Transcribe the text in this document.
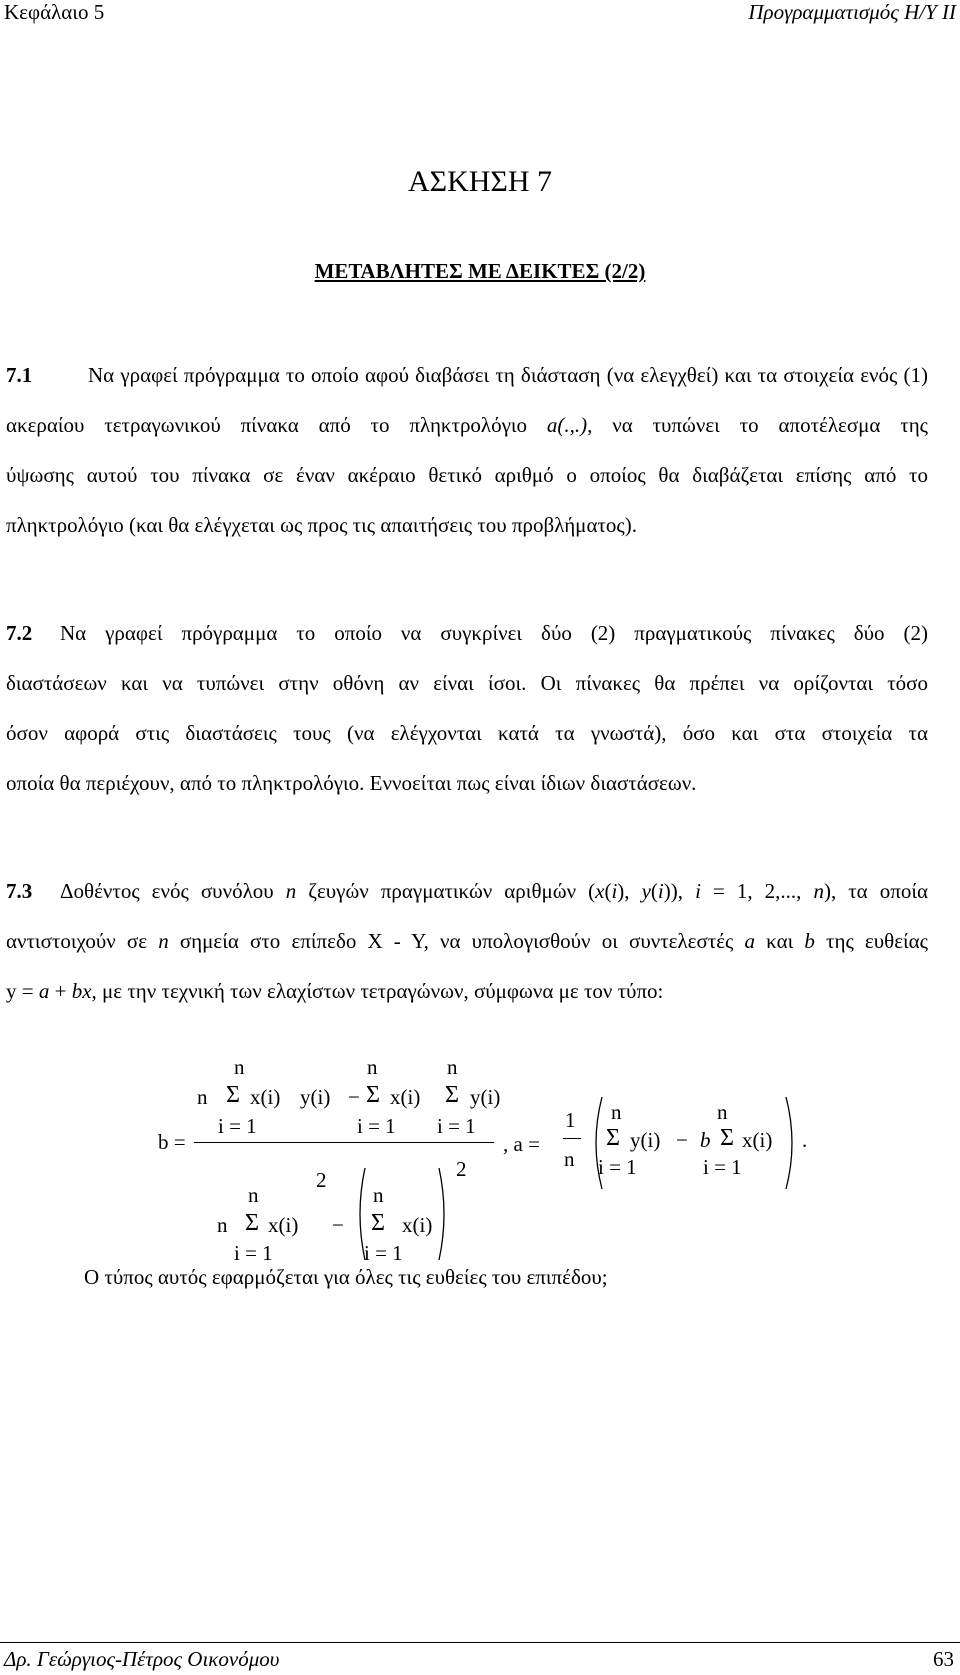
Κεφάλαιο 5	Προγραμματισμός Η/Υ ΙΙ
ΑΣΚΗΣΗ 7
ΜΕΤΑΒΛΗΤΕΣ ΜΕ ΔΕΙΚΤΕΣ (2/2)
7.1	Να γραφεί πρόγραμμα το οποίο αφού διαβάσει τη διάσταση (να ελεγχθεί) και τα στοιχεία ενός (1)
ακεραίου τετραγωνικού πίνακα από το πληκτρολόγιο a(.,.), να τυπώνει το αποτέλεσμα της
ύψωσης αυτού του πίνακα σε έναν ακέραιο θετικό αριθμό ο οποίος θα διαβάζεται επίσης από το
πληκτρολόγιο (και θα ελέγχεται ως προς τις απαιτήσεις του προβλήματος).
7.2 Να γραφεί πρόγραμμα το οποίο να συγκρίνει δύο (2) πραγματικούς πίνακες δύο (2)
διαστάσεων και να τυπώνει στην οθόνη αν είναι ίσοι. Οι πίνακες θα πρέπει να ορίζονται τόσο
όσον αφορά στις διαστάσεις τους (να ελέγχονται κατά τα γνωστά), όσο και στα στοιχεία τα
οποία θα περιέχουν, από το πληκτρολόγιο. Εννοείται πως είναι ίδιων διαστάσεων.
7.3 Δοθέντος ενός συνόλου n ζευγών πραγματικών αριθμών (x(i), y(i)), i = 1, 2,..., n), τα οποία
αντιστοιχούν σε n σημεία στο επίπεδο X - Y, να υπολογισθούν οι συντελεστές a και b της ευθείας
y = a + bx, με την τεχνική των ελαχίστων τετραγώνων, σύμφωνα με τον τύπο:
n	n	n
n Σ x(i) y(i) − Σ x(i) Σ y(i)
i = 1	i = 1 i = 1
b =
2
n	n
2
n Σ x(i) − Σ x(i)
i = 1	i = 1
, a =
1
n
n	n
Σ y(i) − b Σ x(i)
i = 1	i = 1
.
Ο τύπος αυτός εφαρμόζεται για όλες τις ευθείες του επιπέδου;
Δρ. Γεώργιος-Πέτρος Οικονόμου	63
